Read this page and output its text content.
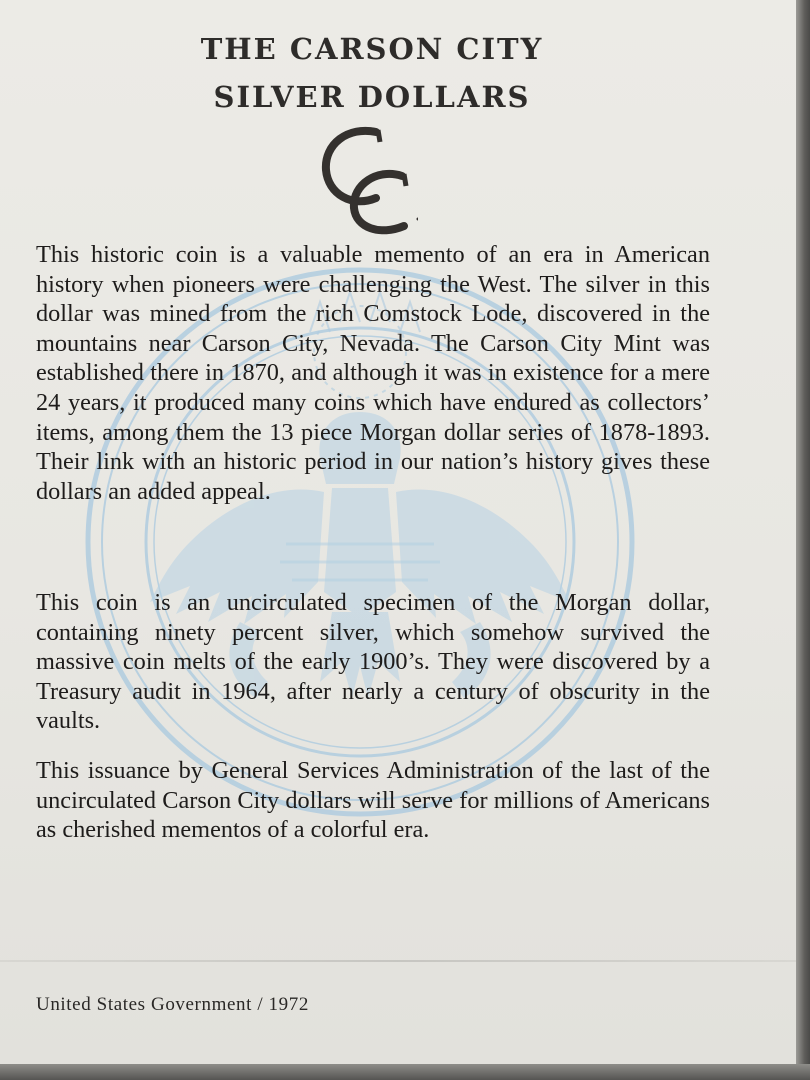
THE CARSON CITY
SILVER DOLLARS

This historic coin is a valuable memento of an era in American history when pioneers were challenging the West. The silver in this dollar was mined from the rich Comstock Lode, discovered in the mountains near Carson City, Nevada. The Carson City Mint was established there in 1870, and although it was in existence for a mere 24 years, it produced many coins which have endured as collectors’ items, among them the 13 piece Morgan dollar series of 1878-1893. Their link with an historic period in our nation’s history gives these dollars an added appeal.

This coin is an uncirculated specimen of the Morgan dollar, containing ninety percent silver, which somehow survived the massive coin melts of the early 1900’s. They were discovered by a Treasury audit in 1964, after nearly a century of obscurity in the vaults.

This issuance by General Services Administration of the last of the uncirculated Carson City dollars will serve for millions of Americans as cherished mementos of a colorful era.

United States Government / 1972
